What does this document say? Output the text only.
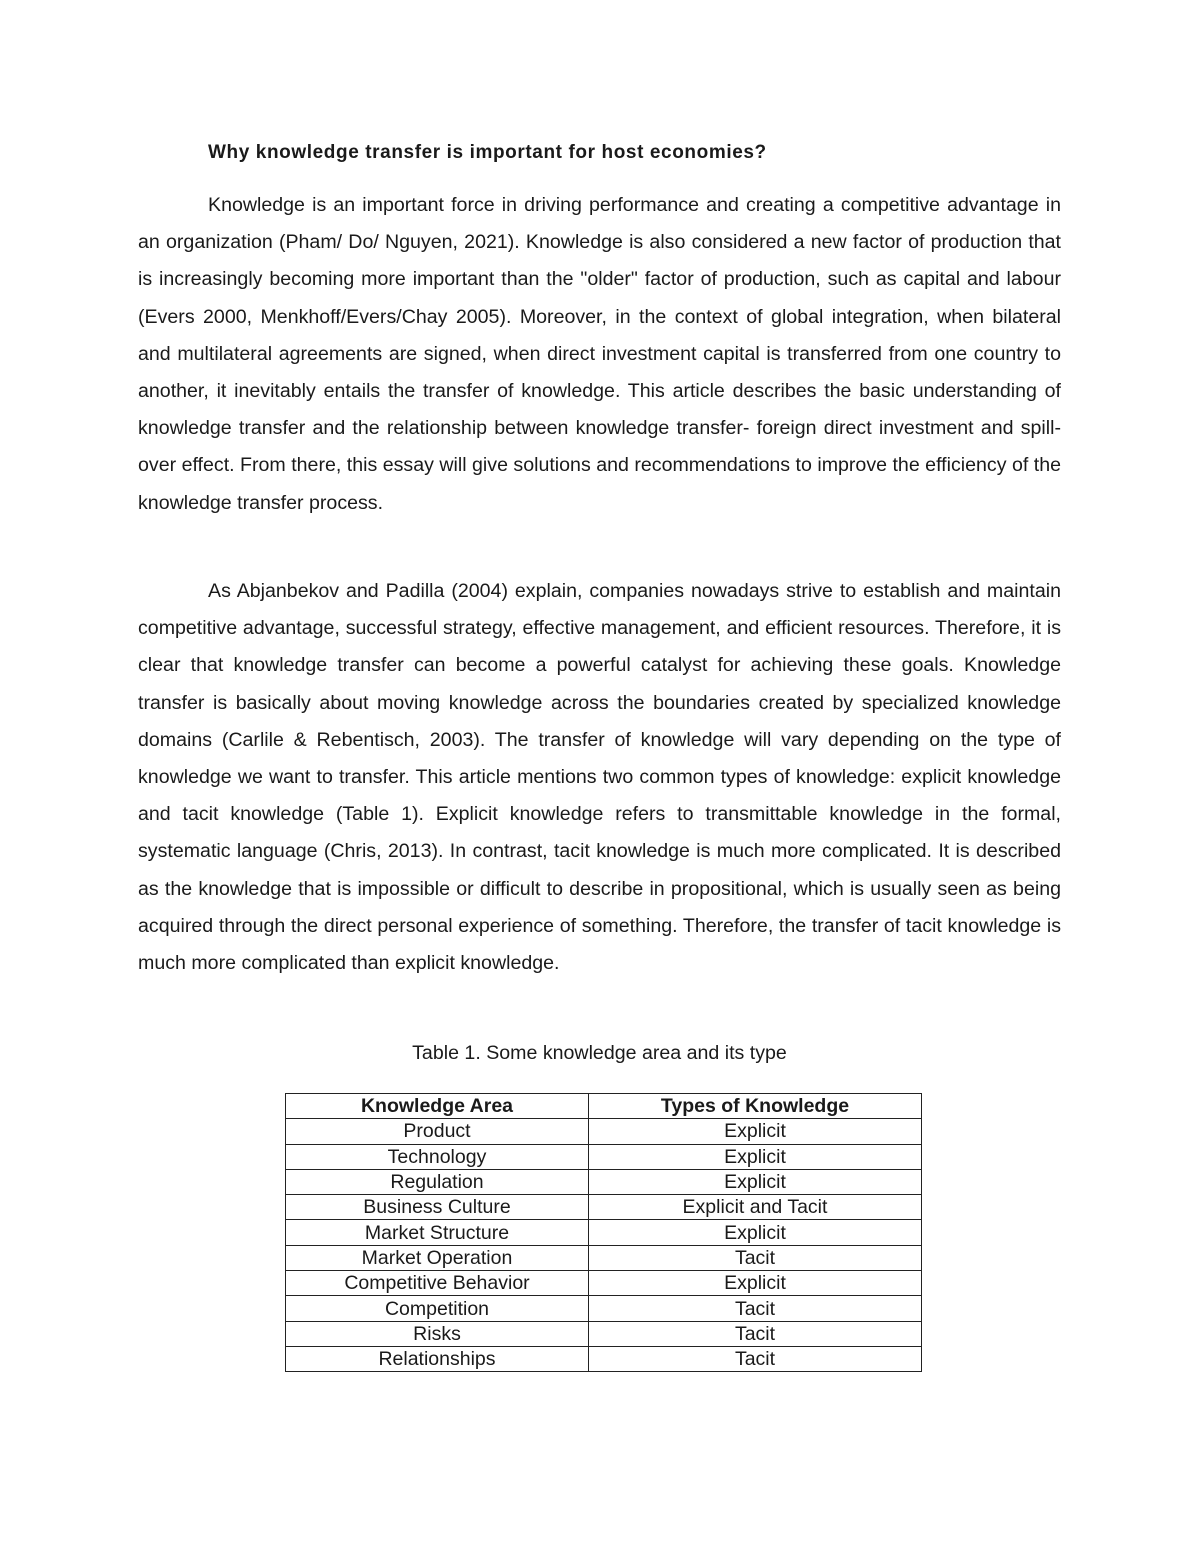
Why knowledge transfer is important for host economies?

Knowledge is an important force in driving performance and creating a competitive advantage in an organization (Pham/ Do/ Nguyen, 2021). Knowledge is also considered a new factor of production that is increasingly becoming more important than the "older" factor of production, such as capital and labour (Evers 2000, Menkhoff/Evers/Chay 2005). Moreover, in the context of global integration, when bilateral and multilateral agreements are signed, when direct investment capital is transferred from one country to another, it inevitably entails the transfer of knowledge. This article describes the basic understanding of knowledge transfer and the relationship between knowledge transfer- foreign direct investment and spill-over effect. From there, this essay will give solutions and recommendations to improve the efficiency of the knowledge transfer process.

As Abjanbekov and Padilla (2004) explain, companies nowadays strive to establish and maintain competitive advantage, successful strategy, effective management, and efficient resources. Therefore, it is clear that knowledge transfer can become a powerful catalyst for achieving these goals. Knowledge transfer is basically about moving knowledge across the boundaries created by specialized knowledge domains (Carlile & Rebentisch, 2003). The transfer of knowledge will vary depending on the type of knowledge we want to transfer. This article mentions two common types of knowledge: explicit knowledge and tacit knowledge (Table 1). Explicit knowledge refers to transmittable knowledge in the formal, systematic language (Chris, 2013). In contrast, tacit knowledge is much more complicated. It is described as the knowledge that is impossible or difficult to describe in propositional, which is usually seen as being acquired through the direct personal experience of something. Therefore, the transfer of tacit knowledge is much more complicated than explicit knowledge.

Table 1. Some knowledge area and its type

Knowledge Area	Types of Knowledge
Product	Explicit
Technology	Explicit
Regulation	Explicit
Business Culture	Explicit and Tacit
Market Structure	Explicit
Market Operation	Tacit
Competitive Behavior	Explicit
Competition	Tacit
Risks	Tacit
Relationships	Tacit
